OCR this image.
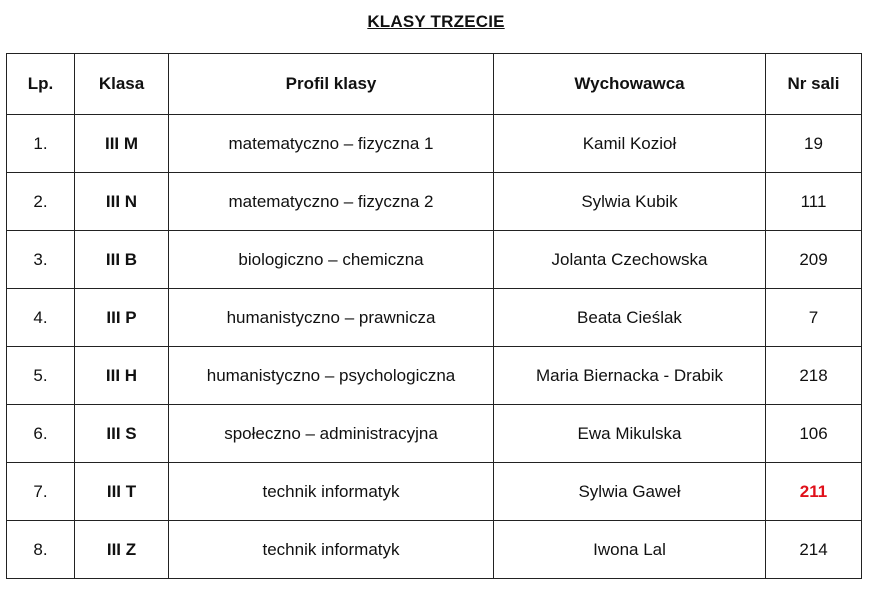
KLASY TRZECIE
Lp.	Klasa	Profil klasy	Wychowawca	Nr sali
1.	III M	matematyczno – fizyczna 1	Kamil Kozioł	19
2.	III N	matematyczno – fizyczna 2	Sylwia Kubik	111
3.	III B	biologiczno – chemiczna	Jolanta Czechowska	209
4.	III P	humanistyczno – prawnicza	Beata Cieślak	7
5.	III H	humanistyczno – psychologiczna	Maria Biernacka - Drabik	218
6.	III S	społeczno – administracyjna	Ewa Mikulska	106
7.	III T	technik informatyk	Sylwia Gaweł	211
8.	III Z	technik informatyk	Iwona Lal	214
